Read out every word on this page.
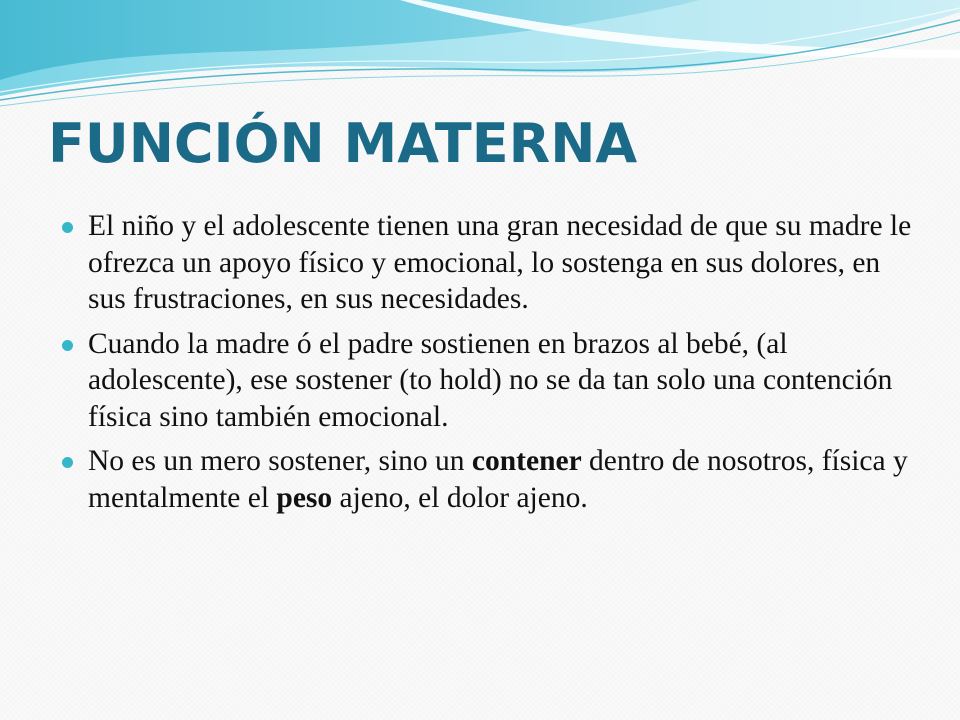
FUNCIÓN MATERNA
El niño y el adolescente tienen una gran necesidad de que su madre le ofrezca un apoyo físico y emocional, lo sostenga en sus dolores, en sus frustraciones, en sus necesidades.
Cuando la madre ó el padre sostienen en brazos al bebé, (al adolescente), ese sostener (to hold) no se da tan solo una contención física sino también emocional.
No es un mero sostener, sino un contener dentro de nosotros, física y mentalmente el peso ajeno, el dolor ajeno.
